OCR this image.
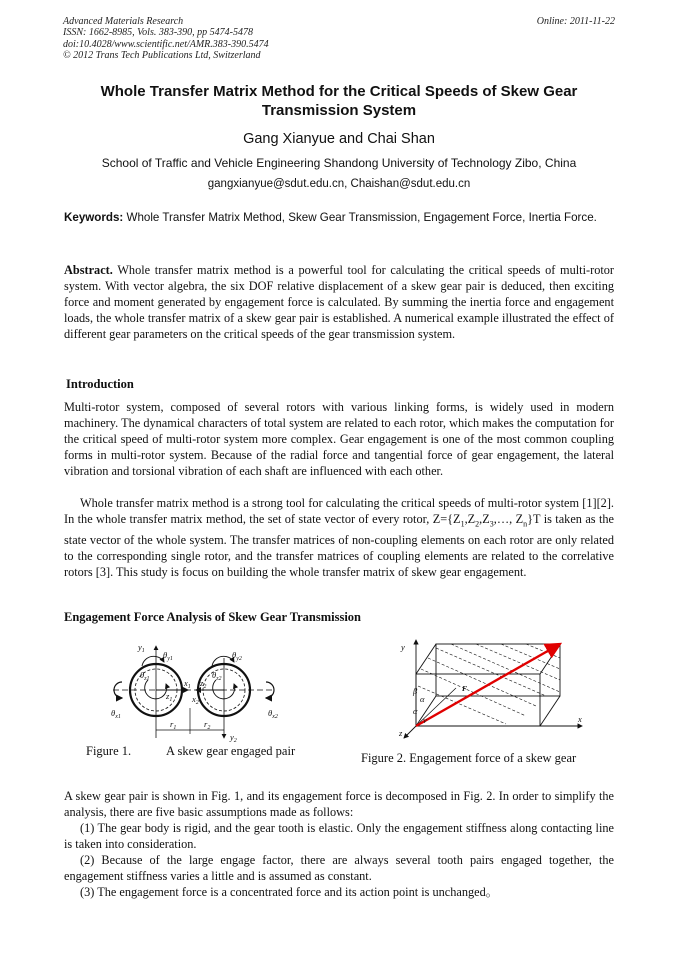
Advanced Materials Research
ISSN: 1662-8985, Vols. 383-390, pp 5474-5478
doi:10.4028/www.scientific.net/AMR.383-390.5474
© 2012 Trans Tech Publications Ltd, Switzerland
Online: 2011-11-22
Whole Transfer Matrix Method for the Critical Speeds of Skew Gear
Transmission System
Gang Xianyue and Chai Shan
School of Traffic and Vehicle Engineering Shandong University of Technology Zibo, China
gangxianyue@sdut.edu.cn, Chaishan@sdut.edu.cn
Keywords: Whole Transfer Matrix Method, Skew Gear Transmission, Engagement Force, Inertia Force.
Abstract. Whole transfer matrix method is a powerful tool for calculating the critical speeds of multi-rotor system. With vector algebra, the six DOF relative displacement of a skew gear pair is deduced, then exciting force and moment generated by engagement force is calculated. By summing the inertia force and engagement loads, the whole transfer matrix of a skew gear pair is established. A numerical example illustrated the effect of different gear parameters on the critical speeds of the gear transmission system.
Introduction
Multi-rotor system, composed of several rotors with various linking forms, is widely used in modern machinery. The dynamical characters of total system are related to each rotor, which makes the computation for the critical speed of multi-rotor system more complex. Gear engagement is one of the most common coupling forms in multi-rotor system. Because of the radial force and tangential force of gear engagement, the lateral vibration and torsional vibration of each shaft are influenced with each other.
Whole transfer matrix method is a strong tool for calculating the critical speeds of multi-rotor system [1][2]. In the whole transfer matrix method, the set of state vector of every rotor, $Z=\{Z_1,Z_2,Z_3,\dots$, $Z_n\}T$ is taken as the state vector of the whole system. The transfer matrices of non-coupling elements on each rotor are only related to the corresponding single rotor, and the transfer matrices of coupling elements are related to the correlative rotors [3]. This study is focus on building the whole transfer matrix of skew gear engagement.
Engagement Force Analysis of Skew Gear Transmission
$y_1$ $\theta_{y1}$	$\theta_{y2}$
$\theta_{z1}$	$\theta_{z2}$
$x_1$
$x_2$
$z_1$
$z_2$
$\theta_{x1}$	$\theta_{x2}$
$r_1$	$r_2$
$y_2$
Figure 1.	A skew gear engaged pair
y
x
z
F
β
α
α
ν
Figure 2. Engagement force of a skew gear
A skew gear pair is shown in Fig. 1, and its engagement force is decomposed in Fig. 2. In order to simplify the analysis, there are five basic assumptions made as follows:
(1) The gear body is rigid, and the gear tooth is elastic. Only the engagement stiffness along contacting line is taken into consideration.
(2) Because of the large engage factor, there are always several tooth pairs engaged together, the engagement stiffness varies a little and is assumed as constant.
(3) The engagement force is a concentrated force and its action point is unchanged。
